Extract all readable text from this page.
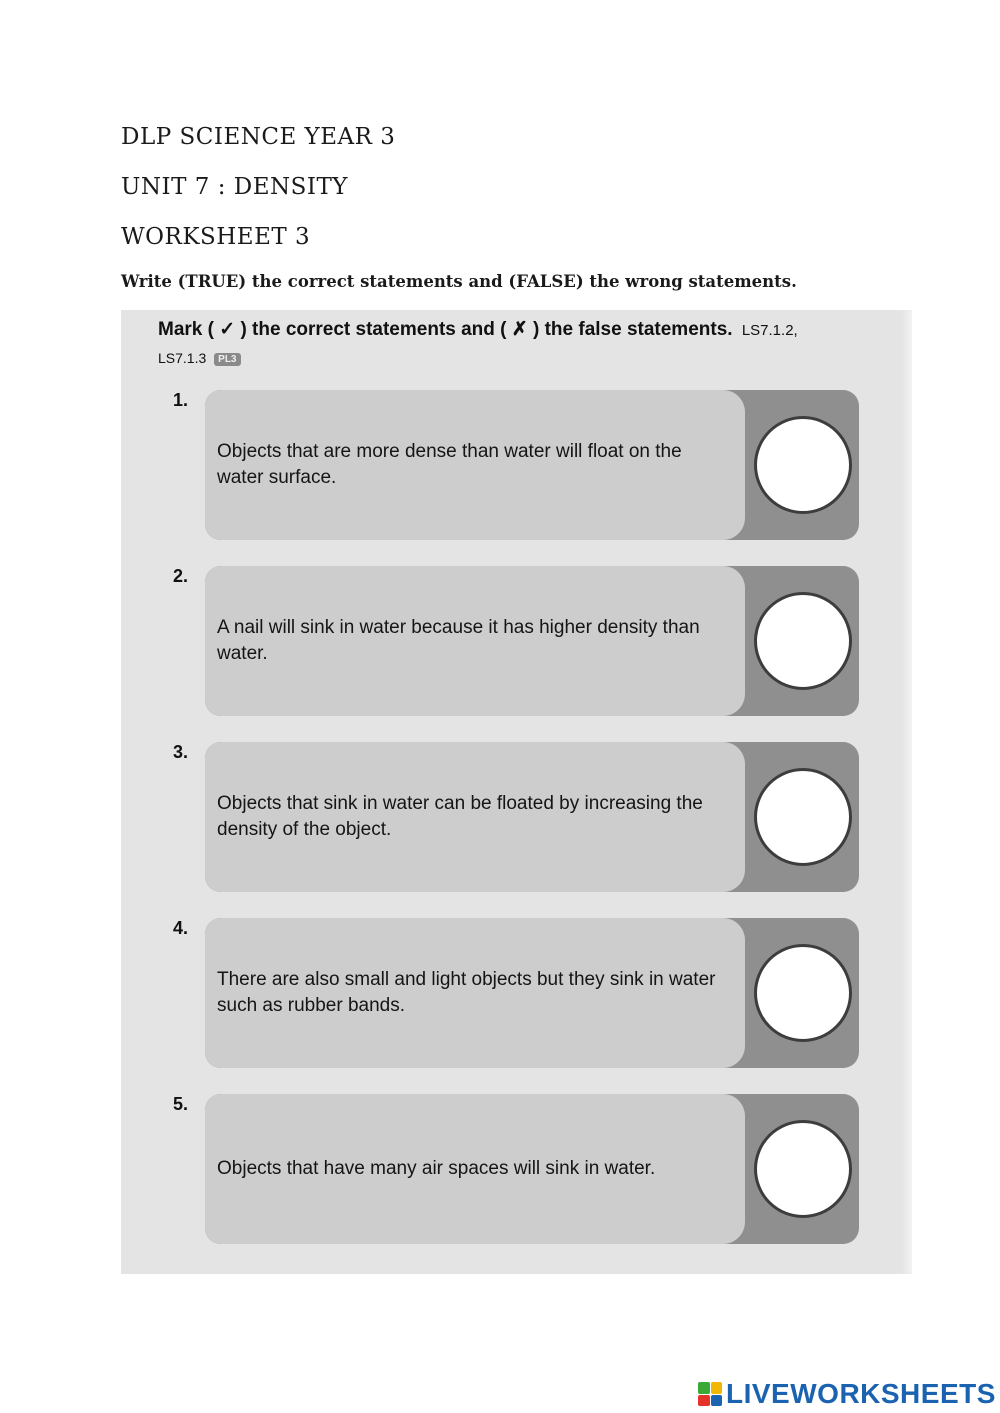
DLP SCIENCE YEAR 3
UNIT 7 : DENSITY
WORKSHEET 3
Write (TRUE) the correct statements and (FALSE) the wrong statements.
Mark ( ✓ ) the correct statements and ( ✗ ) the false statements. LS7.1.2,
LS7.1.3 PL3
1.
Objects that are more dense than water will float on the water surface.
2.
A nail will sink in water because it has higher density than water.
3.
Objects that sink in water can be floated by increasing the density of the object.
4.
There are also small and light objects but they sink in water such as rubber bands.
5.
Objects that have many air spaces will sink in water.
LIVEWORKSHEETS
